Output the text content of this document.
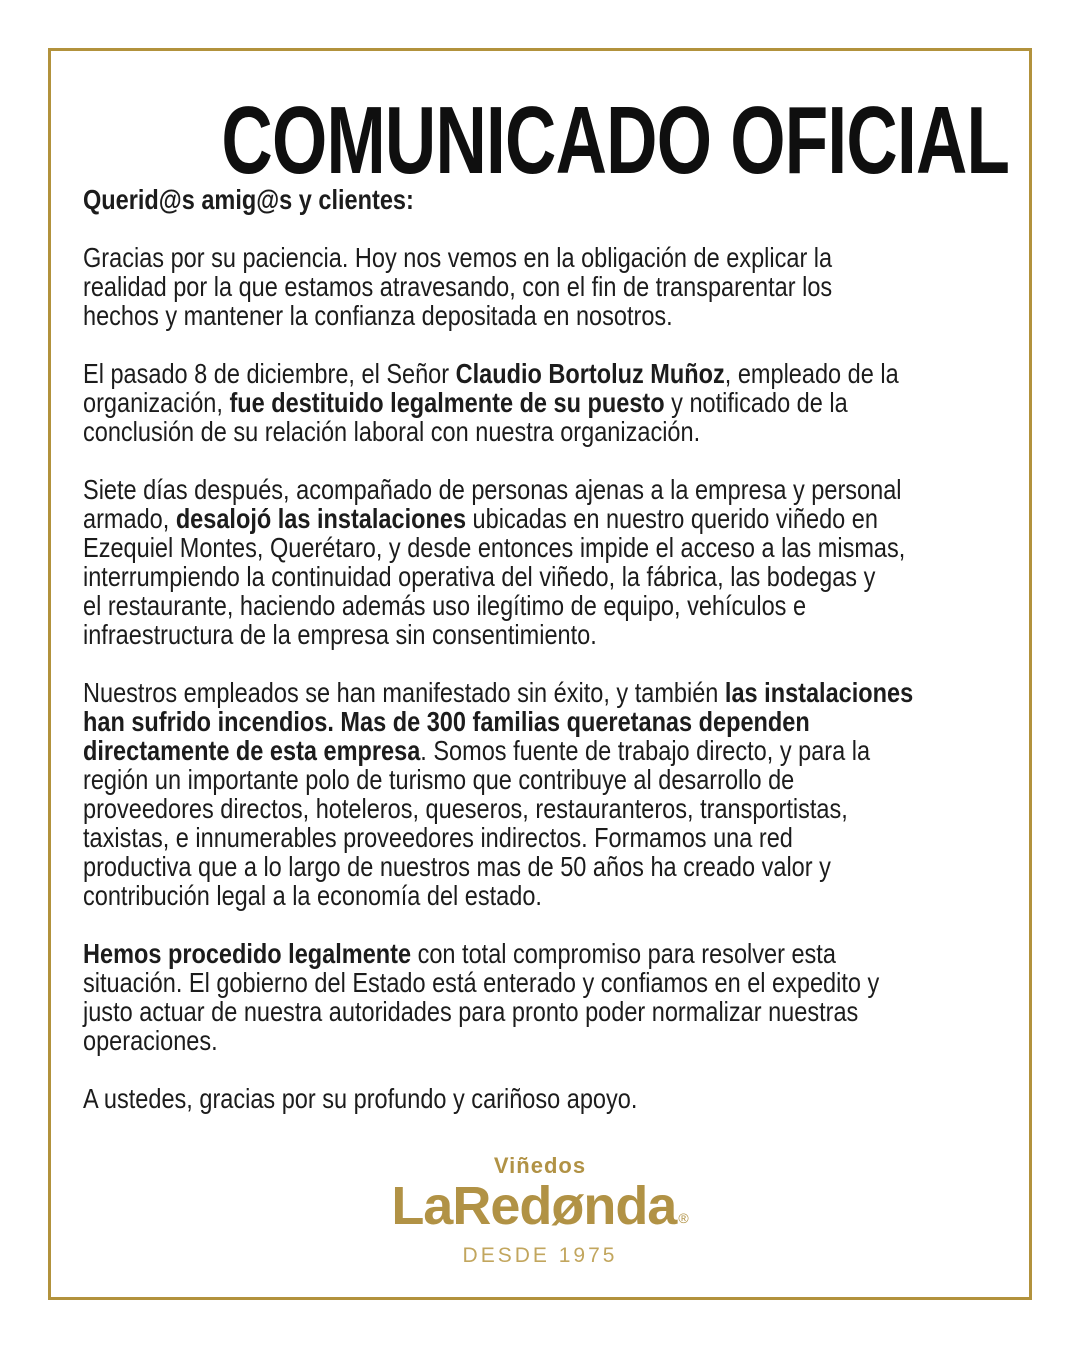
COMUNICADO OFICIAL
Querid@s amig@s y clientes:

Gracias por su paciencia. Hoy nos vemos en la obligación de explicar la
realidad por la que estamos atravesando, con el fin de transparentar los
hechos y mantener la confianza depositada en nosotros.

El pasado 8 de diciembre, el Señor Claudio Bortoluz Muñoz, empleado de la
organización, fue destituido legalmente de su puesto y notificado de la
conclusión de su relación laboral con nuestra organización.

Siete días después, acompañado de personas ajenas a la empresa y personal
armado, desalojó las instalaciones ubicadas en nuestro querido viñedo en
Ezequiel Montes, Querétaro, y desde entonces impide el acceso a las mismas,
interrumpiendo la continuidad operativa del viñedo, la fábrica, las bodegas y
el restaurante, haciendo además uso ilegítimo de equipo, vehículos e
infraestructura de la empresa sin consentimiento.

Nuestros empleados se han manifestado sin éxito, y también las instalaciones
han sufrido incendios. Mas de 300 familias queretanas dependen
directamente de esta empresa. Somos fuente de trabajo directo, y para la
región un importante polo de turismo que contribuye al desarrollo de
proveedores directos, hoteleros, queseros, restauranteros, transportistas,
taxistas, e innumerables proveedores indirectos. Formamos una red
productiva que a lo largo de nuestros mas de 50 años ha creado valor y
contribución legal a la economía del estado.

Hemos procedido legalmente con total compromiso para resolver esta
situación. El gobierno del Estado está enterado y confiamos en el expedito y
justo actuar de nuestra autoridades para pronto poder normalizar nuestras
operaciones.

A ustedes, gracias por su profundo y cariñoso apoyo.

Viñedos
LaRedønda ®
DESDE 1975
